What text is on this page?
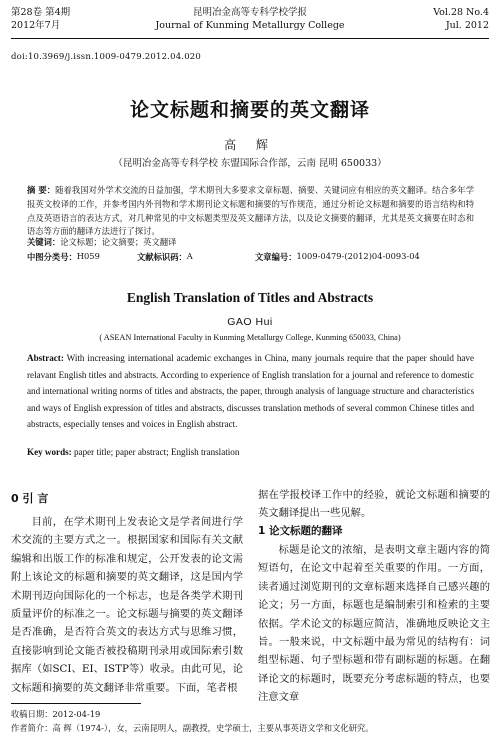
第28卷 第4期
2012年7月
昆明冶金高等专科学校学报
Journal of Kunming Metallurgy College
Vol.28 No.4
Jul. 2012
doi:10.3969/j.issn.1009-0479.2012.04.020
论文标题和摘要的英文翻译
高 辉
（昆明冶金高等专科学校 东盟国际合作部，云南 昆明 650033）
摘 要：随着我国对外学术交流的日益加强，学术期刊大多要求文章标题、摘要、关键词应有相应的英文翻译。结合多年学报英文校译的工作，并参考国内外刊物和学术期刊论文标题和摘要的写作规范，通过分析论文标题和摘要的语言结构和特点及英语语言的表达方式，对几种常见的中文标题类型及英文翻译方法，以及论文摘要的翻译，尤其是英文摘要在时态和语态等方面的翻译方法进行了探讨。
关键词：论文标题；论文摘要；英文翻译
中图分类号： H059	文献标识码： A	文章编号： 1009-0479-(2012)04-0093-04
English Translation of Titles and Abstracts
GAO Hui
( ASEAN International Faculty in Kunming Metallurgy College, Kunming 650033, China)
Abstract: With increasing international academic exchanges in China, many journals require that the paper should have relavant English titles and abstracts. According to experience of English translation for a journal and reference to domestic and international writing norms of titles and abstracts, the paper, through analysis of language structure and characteristics and ways of English expression of titles and abstracts, discusses translation methods of several common Chinese titles and abstracts, especially tenses and voices in English abstract.
Key words: paper title; paper abstract; English translation
0 引 言

目前，在学术期刊上发表论文是学者间进行学术交流的主要方式之一。根据国家和国际有关文献编辑和出版工作的标准和规定，公开发表的论文需附上该论文的标题和摘要的英文翻译，这是国内学术期刊迈向国际化的一个标志，也是各类学术期刊质量评价的标准之一。论文标题与摘要的英文翻译是否准确，是否符合英文的表达方式与思维习惯，直接影响到论文能否被投稿期刊录用或国际索引数据库（如SCI、EI、ISTP等）收录。由此可见，论文标题和摘要的英文翻译非常重要。下面，笔者根

据在学报校译工作中的经验，就论文标题和摘要的英文翻译提出一些见解。

1 论文标题的翻译

标题是论文的浓缩，是表明文章主题内容的简短语句，在论文中起着至关重要的作用。一方面，读者通过浏览期刊的文章标题来选择自己感兴趣的论文；另一方面，标题也是编制索引和检索的主要依据。学术论文的标题应简洁，准确地反映论文主旨。一般来说，中文标题中最为常见的结构有：词组型标题、句子型标题和带有副标题的标题。在翻译论文的标题时，既要充分考虑标题的特点，也要注意文章

收稿日期：2012-04-19
作者简介：高 辉（1974-），女，云南昆明人，副教授，史学硕士，主要从事英语文学和文化研究。
